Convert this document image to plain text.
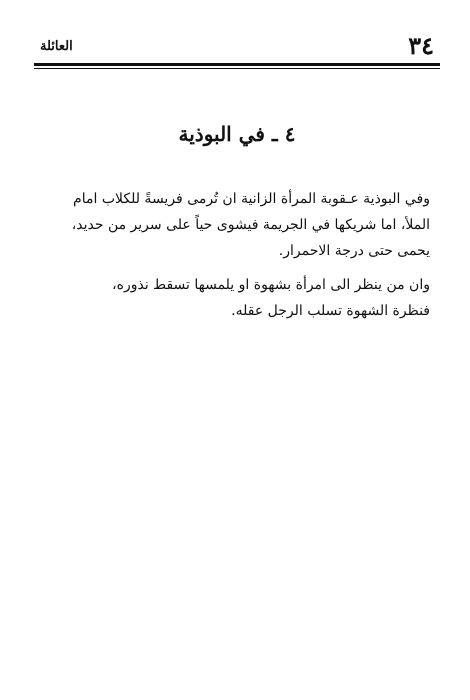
٣٤
العائلة
٤ ـ في البوذية
وفي البوذية عـقوبة المرأة الزانية ان تُرمى فريسةً للكلاب امام
الملأ، اما شريكها في الجريمة فيشوى حياً على سرير من حديد،
يحمى حتى درجة الاحمرار.
وان من ينظر الى امرأة بشهوة او يلمسها تسقط نذوره،
فنظرة الشهوة تسلب الرجل عقله.
